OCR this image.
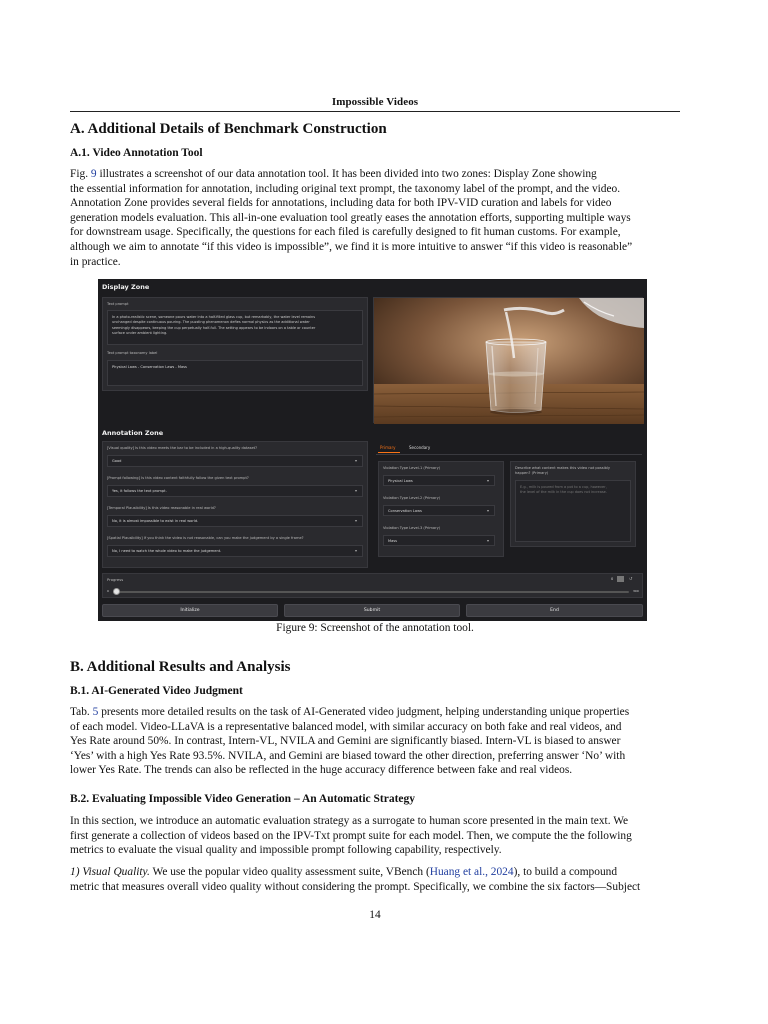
Impossible Videos
A. Additional Details of Benchmark Construction
A.1. Video Annotation Tool

Fig. 9 illustrates a screenshot of our data annotation tool. It has been divided into two zones: Display Zone showing

the essential information for annotation, including original text prompt, the taxonomy label of the prompt, and the video.

Annotation Zone provides several fields for annotations, including data for both IPV-VID curation and labels for video

generation models evaluation. This all-in-one evaluation tool greatly eases the annotation efforts, supporting multiple ways

for downstream usage. Specifically, the questions for each filed is carefully designed to fit human customs. For example,

although we aim to annotate “if this video is impossible”, we find it is more intuitive to answer “if this video is reasonable”

in practice.

Display Zone
Text prompt
In a photo-realistic scene, someone pours water into a half-filled glass cup, but remarkably, the water level remains
unchanged despite continuous pouring. The puzzling phenomenon defies normal physics as the additional water
seemingly disappears, keeping the cup perpetually half-full. The setting appears to be indoors on a table or counter
surface under ambient lighting.
Text prompt taxonomy label
Physical Laws - Conservation Laws - Mass
Annotation Zone
[Visual quality] Is this video meets the bar to be included in a high-quality dataset?
Good	▾
[Prompt following] Is this video content faithfully follow the given text prompt?
Yes, it follows the text prompt.	▾
[Temporal Plausibility] Is this video reasonable in real world?
No, it is almost impossible to exist in real world.	▾
[Spatial Plausibility] If you think the video is not reasonable, can you make the judgement by a single frame?
No, I need to watch the whole video to make the judgement.	▾
Primary	Secondary
Violation Type Level-1 (Primary)
Physical Laws	▾
Violation Type Level-2 (Primary)
Conservation Laws	▾
Violation Type Level-3 (Primary)
Mass	▾
Describe what content makes this video not possibly
happen? (Primary)
E.g., milk is poured from a pot to a cup, however,
the level of the milk in the cup does not increase.
Progress	0	↺
0	300
Initialize	Submit	End
Figure 9: Screenshot of the annotation tool.
B. Additional Results and Analysis
B.1. AI-Generated Video Judgment

Tab. 5 presents more detailed results on the task of AI-Generated video judgment, helping understanding unique properties

of each model. Video-LLaVA is a representative balanced model, with similar accuracy on both fake and real videos, and

Yes Rate around 50%. In contrast, Intern-VL, NVILA and Gemini are significantly biased. Intern-VL is biased to answer

‘Yes’ with a high Yes Rate 93.5%. NVILA, and Gemini are biased toward the other direction, preferring answer ‘No’ with

lower Yes Rate. The trends can also be reflected in the huge accuracy difference between fake and real videos.

B.2. Evaluating Impossible Video Generation – An Automatic Strategy

In this section, we introduce an automatic evaluation strategy as a surrogate to human score presented in the main text. We

first generate a collection of videos based on the IPV-Txt prompt suite for each model. Then, we compute the the following

metrics to evaluate the visual quality and impossible prompt following capability, respectively.

1) Visual Quality. We use the popular video quality assessment suite, VBench (Huang et al., 2024), to build a compound

metric that measures overall video quality without considering the prompt. Specifically, we combine the six factors—Subject

14
